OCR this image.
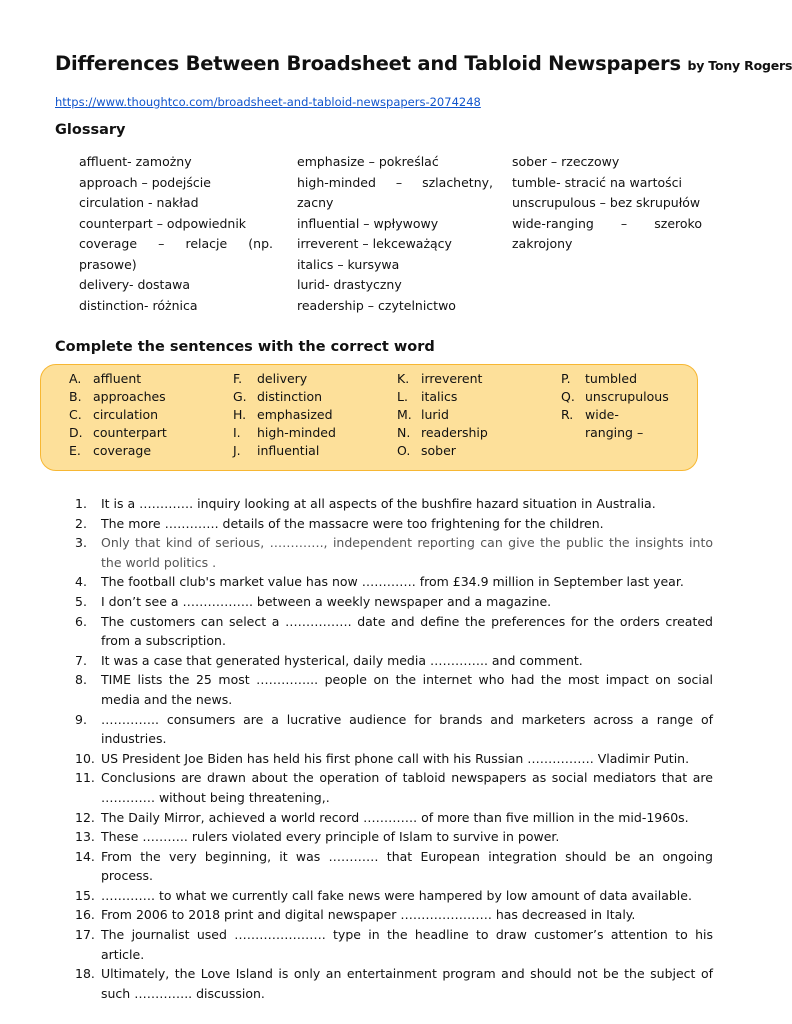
Differences Between Broadsheet and Tabloid Newspapers by Tony Rogers
https://www.thoughtco.com/broadsheet-and-tabloid-newspapers-2074248
Glossary
affluent- zamożny
approach – podejście
circulation - nakład
counterpart – odpowiednik
coverage – relacje (np. prasowe)
delivery- dostawa
distinction- różnica
emphasize – pokreślać
high-minded – szlachetny, zacny
influential – wpływowy
irreverent – lekceważący
italics – kursywa
lurid- drastyczny
readership – czytelnictwo
sober – rzeczowy
tumble- stracić na wartości
unscrupulous – bez skrupułów
wide-ranging – szeroko zakrojony
Complete the sentences with the correct word
A. affluent
B. approaches
C. circulation
D. counterpart
E. coverage
F.	delivery
G. distinction
H. emphasized
I.	high-minded
J.	influential
K. irreverent
L.	italics
M. lurid
N. readership
O. sober
P.	tumbled
Q. unscrupulous
R. wide-
ranging –
1.	It is a …………. inquiry looking at all aspects of the bushfire hazard situation in Australia.
2.	The more …………. details of the massacre were too frightening for the children.
3.	Only that kind of serious, …………., independent reporting can give the public the insights into the world politics .
4.	The football club's market value has now …………. from £34.9 million in September last year.
5.	I don’t see a …………….. between a weekly newspaper and a magazine.
6.	The customers can select a ……………. date and define the preferences for the orders created from a subscription.
7.	It was a case that generated hysterical, daily media ………….. and comment.
8.	TIME lists the 25 most …………... people on the internet who had the most impact on social media and the news.
9.	………….. consumers are a lucrative audience for brands and marketers across a range of industries.
10. US President Joe Biden has held his first phone call with his Russian ……………. Vladimir Putin.
11. Conclusions are drawn about the operation of tabloid newspapers as social mediators that are …………. without being threatening,.
12. The Daily Mirror, achieved a world record …………. of more than five million in the mid-1960s.
13. These ……….. rulers violated every principle of Islam to survive in power.
14. From the very beginning, it was ………… that European integration should be an ongoing process.
15. …………. to what we currently call fake news were hampered by low amount of data available.
16. From 2006 to 2018 print and digital newspaper …………………. has decreased in Italy.
17. The journalist used …………………. type in the headline to draw customer’s attention to his article.
18. Ultimately, the Love Island is only an entertainment program and should not be the subject of such ………….. discussion.
